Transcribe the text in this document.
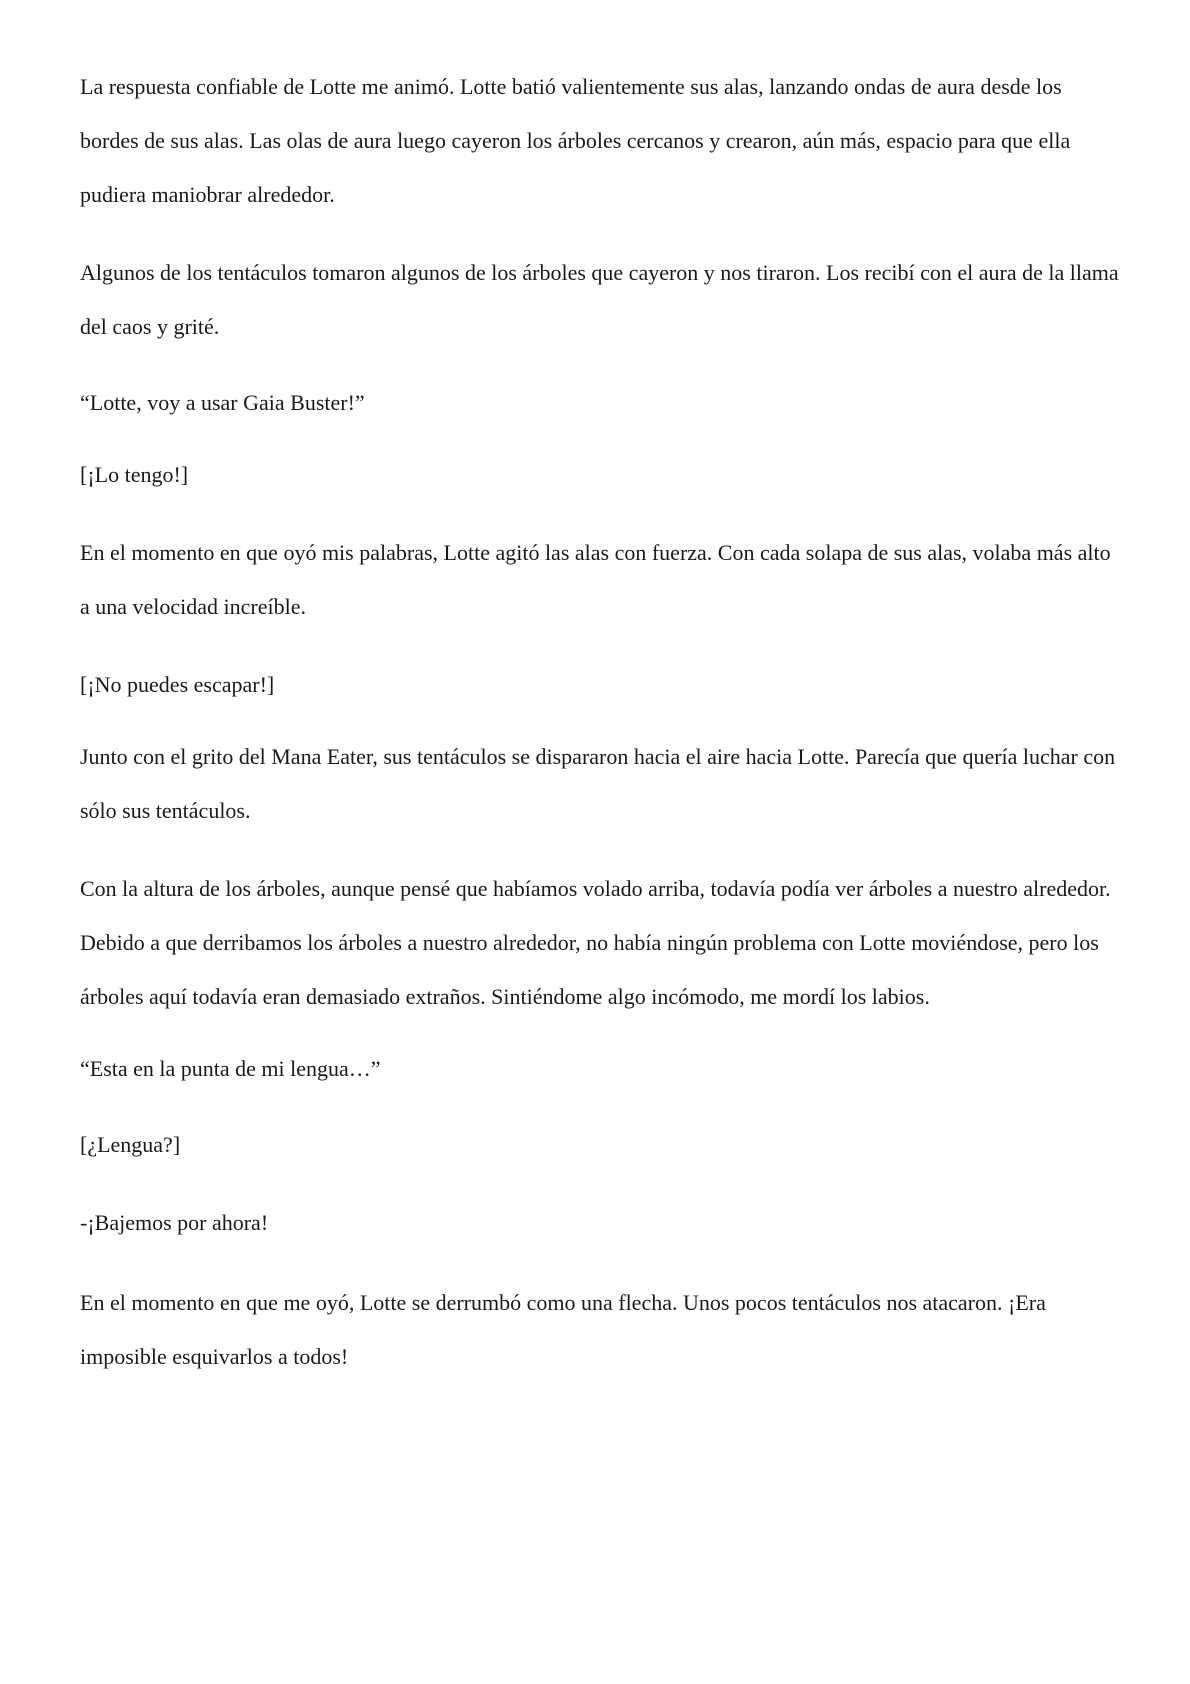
La respuesta confiable de Lotte me animó. Lotte batió valientemente sus alas, lanzando ondas de aura desde los bordes de sus alas. Las olas de aura luego cayeron los árboles cercanos y crearon, aún más, espacio para que ella pudiera maniobrar alrededor.

Algunos de los tentáculos tomaron algunos de los árboles que cayeron y nos tiraron. Los recibí con el aura de la llama del caos y grité.

“Lotte, voy a usar Gaia Buster!”

[¡Lo tengo!]

En el momento en que oyó mis palabras, Lotte agitó las alas con fuerza. Con cada solapa de sus alas, volaba más alto a una velocidad increíble.

[¡No puedes escapar!]

Junto con el grito del Mana Eater, sus tentáculos se dispararon hacia el aire hacia Lotte. Parecía que quería luchar con sólo sus tentáculos.

Con la altura de los árboles, aunque pensé que habíamos volado arriba, todavía podía ver árboles a nuestro alrededor. Debido a que derribamos los árboles a nuestro alrededor, no había ningún problema con Lotte moviéndose, pero los árboles aquí todavía eran demasiado extraños. Sintiéndome algo incómodo, me mordí los labios.

“Esta en la punta de mi lengua…”

[¿Lengua?]

-¡Bajemos por ahora!

En el momento en que me oyó, Lotte se derrumbó como una flecha. Unos pocos tentáculos nos atacaron. ¡Era imposible esquivarlos a todos!
